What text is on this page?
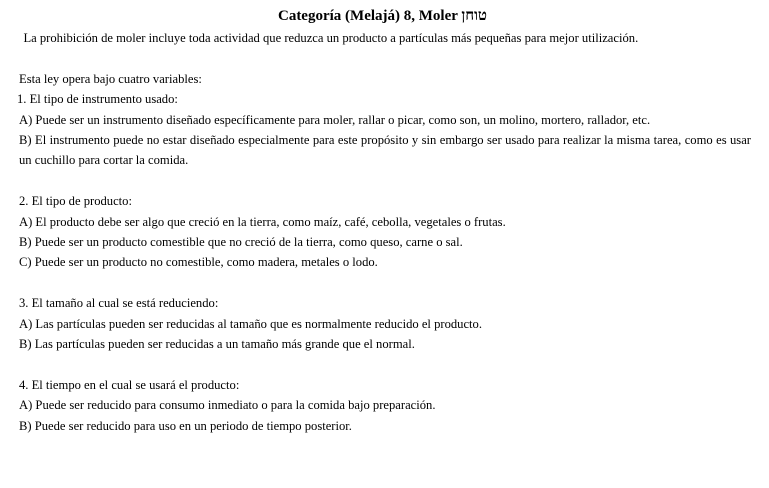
Categoría (Melajá) 8, Moler טוחן

La prohibición de moler incluye toda actividad que reduzca un producto a partículas más pequeñas para mejor utilización.

Esta ley opera bajo cuatro variables:

1. El tipo de instrumento usado:

A) Puede ser un instrumento diseñado específicamente para moler, rallar o picar, como son, un molino, mortero, rallador, etc.

B) El instrumento puede no estar diseñado especialmente para este propósito y sin embargo ser usado para realizar la misma tarea, como es usar un cuchillo para cortar la comida.

2. El tipo de producto:

A) El producto debe ser algo que creció en la tierra, como maíz, café, cebolla, vegetales o frutas.

B) Puede ser un producto comestible que no creció de la tierra, como queso, carne o sal.

C) Puede ser un producto no comestible, como madera, metales o lodo.

3. El tamaño al cual se está reduciendo:

A) Las partículas pueden ser reducidas al tamaño que es normalmente reducido el producto.

B) Las partículas pueden ser reducidas a un tamaño más grande que el normal.

4. El tiempo en el cual se usará el producto:

A) Puede ser reducido para consumo inmediato o para la comida bajo preparación.

B) Puede ser reducido para uso en un periodo de tiempo posterior.
